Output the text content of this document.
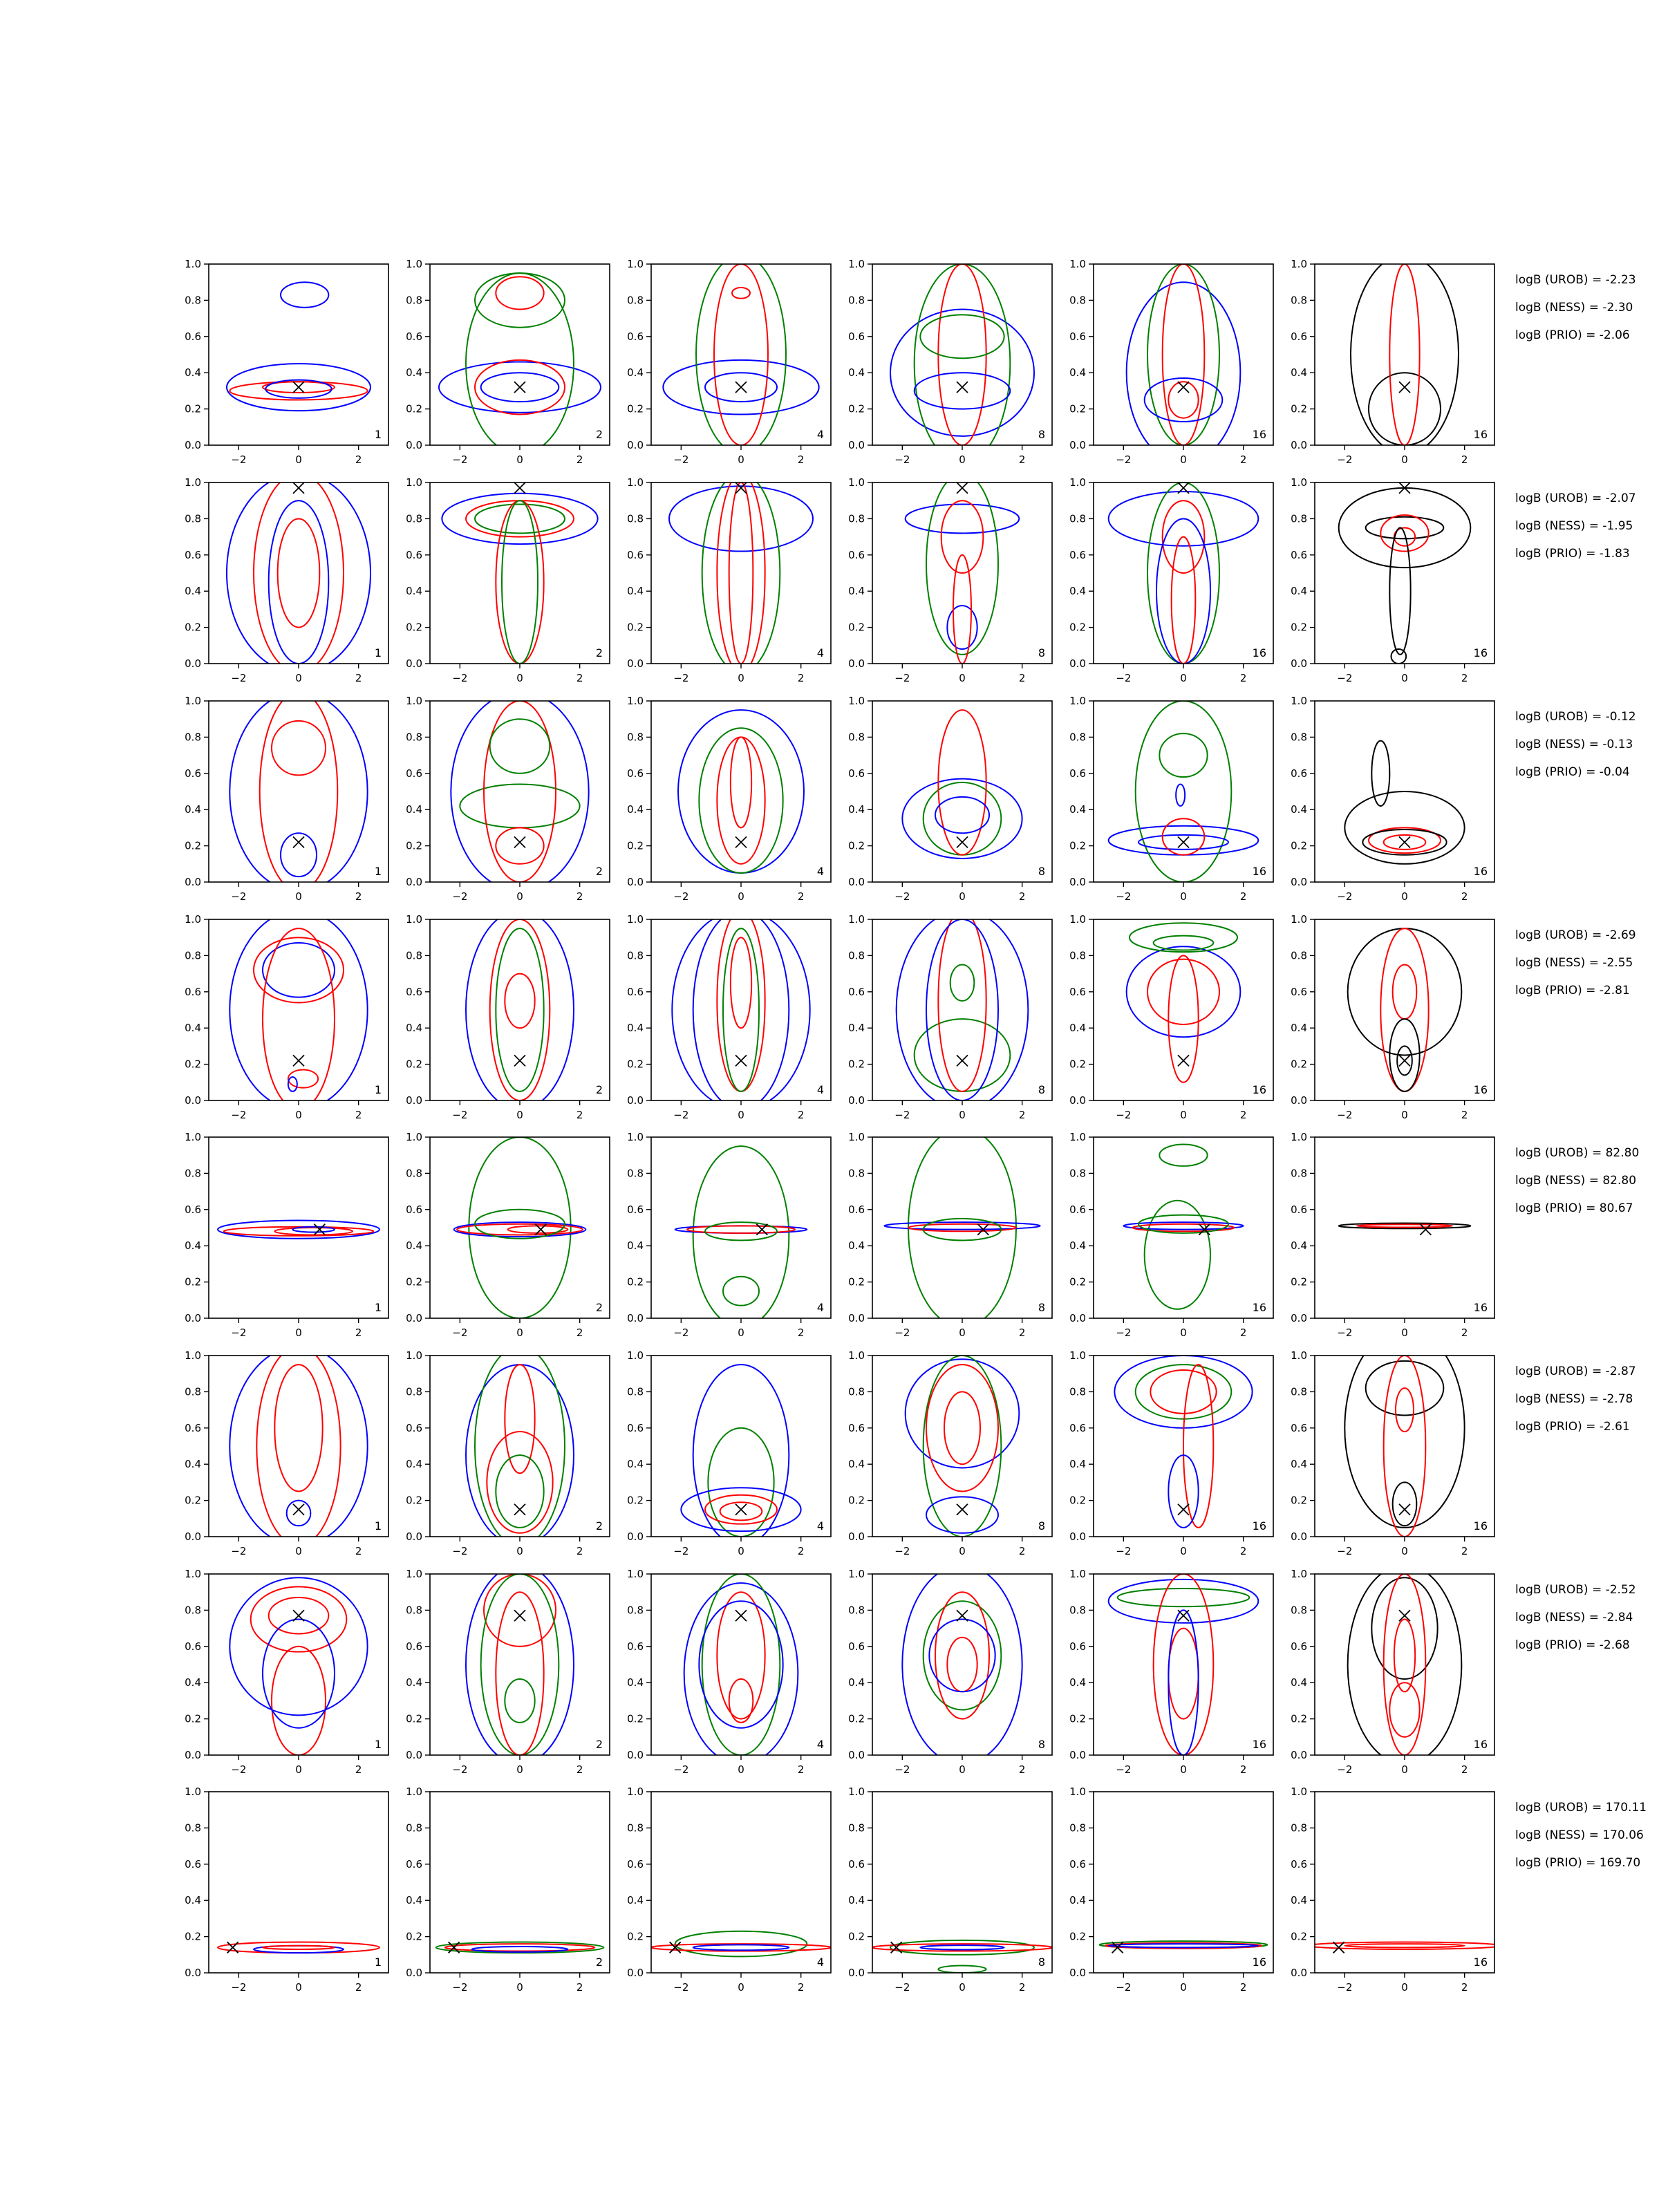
−2	0	2
0.0
0.2
0.4
0.6
0.8
1.0
1
−2	0	2
0.0
0.2
0.4
0.6
0.8
1.0
2
−2	0	2
0.0
0.2
0.4
0.6
0.8
1.0
4
−2	0	2
0.0
0.2
0.4
0.6
0.8
1.0
8
−2	0	2
0.0
0.2
0.4
0.6
0.8
1.0
16
−2	0	2
0.0
0.2
0.4
0.6
0.8
1.0
16
logB (UROB) = -2.23
logB (NESS) = -2.30
logB (PRIO) = -2.06
−2	0	2
0.0
0.2
0.4
0.6
0.8
1.0
1
−2	0	2
0.0
0.2
0.4
0.6
0.8
1.0
2
−2	0	2
0.0
0.2
0.4
0.6
0.8
1.0
4
−2	0	2
0.0
0.2
0.4
0.6
0.8
1.0
8
−2	0	2
0.0
0.2
0.4
0.6
0.8
1.0
16
−2	0	2
0.0
0.2
0.4
0.6
0.8
1.0
16
logB (UROB) = -2.07
logB (NESS) = -1.95
logB (PRIO) = -1.83
−2	0	2
0.0
0.2
0.4
0.6
0.8
1.0
1
−2	0	2
0.0
0.2
0.4
0.6
0.8
1.0
2
−2	0	2
0.0
0.2
0.4
0.6
0.8
1.0
4
−2	0	2
0.0
0.2
0.4
0.6
0.8
1.0
8
−2	0	2
0.0
0.2
0.4
0.6
0.8
1.0
16
−2	0	2
0.0
0.2
0.4
0.6
0.8
1.0
16
logB (UROB) = -0.12
logB (NESS) = -0.13
logB (PRIO) = -0.04
−2	0	2
0.0
0.2
0.4
0.6
0.8
1.0
1
−2	0	2
0.0
0.2
0.4
0.6
0.8
1.0
2
−2	0	2
0.0
0.2
0.4
0.6
0.8
1.0
4
−2	0	2
0.0
0.2
0.4
0.6
0.8
1.0
8
−2	0	2
0.0
0.2
0.4
0.6
0.8
1.0
16
−2	0	2
0.0
0.2
0.4
0.6
0.8
1.0
16
logB (UROB) = -2.69
logB (NESS) = -2.55
logB (PRIO) = -2.81
−2	0	2
0.0
0.2
0.4
0.6
0.8
1.0
1
−2	0	2
0.0
0.2
0.4
0.6
0.8
1.0
2
−2	0	2
0.0
0.2
0.4
0.6
0.8
1.0
4
−2	0	2
0.0
0.2
0.4
0.6
0.8
1.0
8
−2	0	2
0.0
0.2
0.4
0.6
0.8
1.0
16
−2	0	2
0.0
0.2
0.4
0.6
0.8
1.0
16
logB (UROB) = 82.80
logB (NESS) = 82.80
logB (PRIO) = 80.67
−2	0	2
0.0
0.2
0.4
0.6
0.8
1.0
1
−2	0	2
0.0
0.2
0.4
0.6
0.8
1.0
2
−2	0	2
0.0
0.2
0.4
0.6
0.8
1.0
4
−2	0	2
0.0
0.2
0.4
0.6
0.8
1.0
8
−2	0	2
0.0
0.2
0.4
0.6
0.8
1.0
16
−2	0	2
0.0
0.2
0.4
0.6
0.8
1.0
16
logB (UROB) = -2.87
logB (NESS) = -2.78
logB (PRIO) = -2.61
−2	0	2
0.0
0.2
0.4
0.6
0.8
1.0
1
−2	0	2
0.0
0.2
0.4
0.6
0.8
1.0
2
−2	0	2
0.0
0.2
0.4
0.6
0.8
1.0
4
−2	0	2
0.0
0.2
0.4
0.6
0.8
1.0
8
−2	0	2
0.0
0.2
0.4
0.6
0.8
1.0
16
−2	0	2
0.0
0.2
0.4
0.6
0.8
1.0
16
logB (UROB) = -2.52
logB (NESS) = -2.84
logB (PRIO) = -2.68
−2	0	2
0.0
0.2
0.4
0.6
0.8
1.0
1
−2	0	2
0.0
0.2
0.4
0.6
0.8
1.0
2
−2	0	2
0.0
0.2
0.4
0.6
0.8
1.0
4
−2	0	2
0.0
0.2
0.4
0.6
0.8
1.0
8
−2	0	2
0.0
0.2
0.4
0.6
0.8
1.0
16
−2	0	2
0.0
0.2
0.4
0.6
0.8
1.0
16
logB (UROB) = 170.11
logB (NESS) = 170.06
logB (PRIO) = 169.70
